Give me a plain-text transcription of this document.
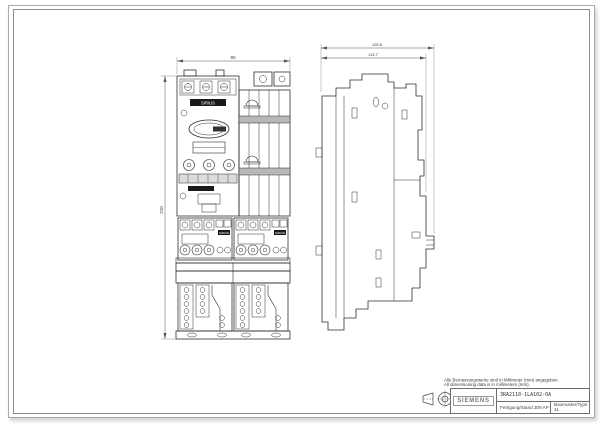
SIRIUS
SIRIUS	SIRIUS
90
210
125.8
113.7
Alle Bemassungswerte sind in Millimeter (mm) angegeben.
All dimensioning data is in millimeters (mm).
SIEMENS
3RA2110-1LA102-0A
Fertigung/Stand 309 AP	Baumuster/Type 11
